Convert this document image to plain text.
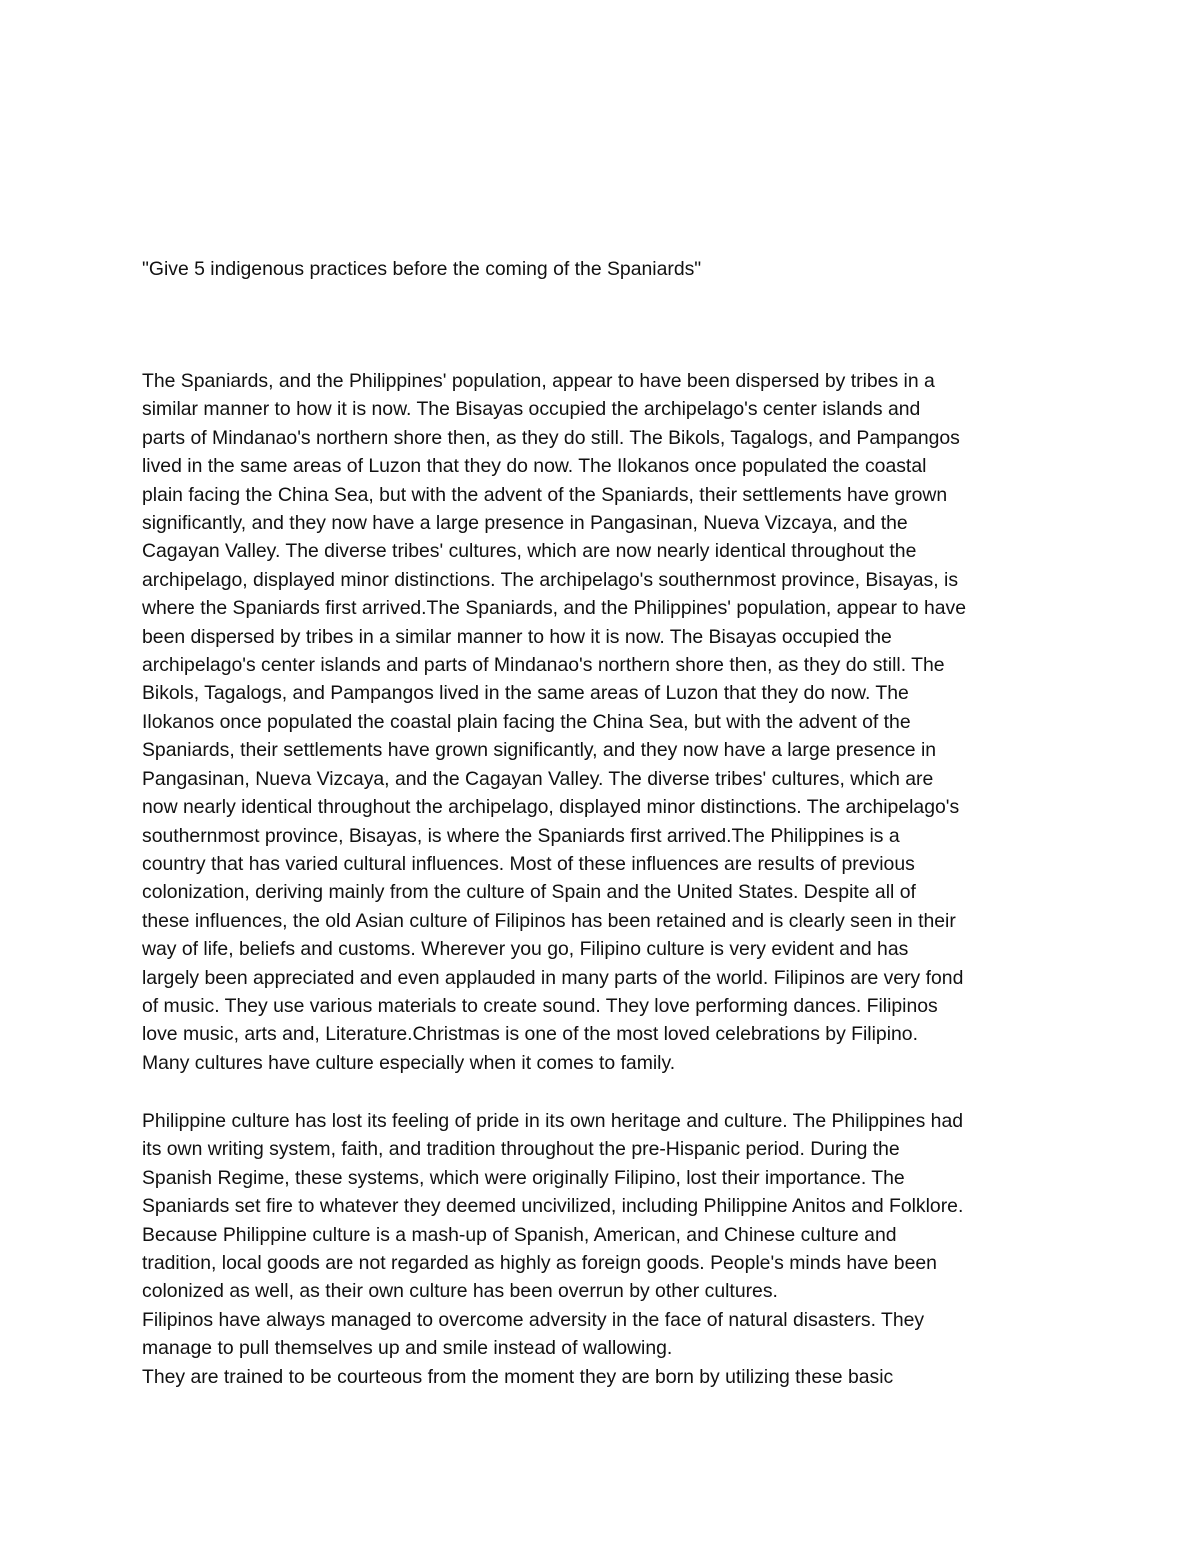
"Give 5 indigenous practices before the coming of the Spaniards"
The Spaniards, and the Philippines' population, appear to have been dispersed by tribes in a
similar manner to how it is now. The Bisayas occupied the archipelago's center islands and
parts of Mindanao's northern shore then, as they do still. The Bikols, Tagalogs, and Pampangos
lived in the same areas of Luzon that they do now. The Ilokanos once populated the coastal
plain facing the China Sea, but with the advent of the Spaniards, their settlements have grown
significantly, and they now have a large presence in Pangasinan, Nueva Vizcaya, and the
Cagayan Valley. The diverse tribes' cultures, which are now nearly identical throughout the
archipelago, displayed minor distinctions. The archipelago's southernmost province, Bisayas, is
where the Spaniards first arrived.The Spaniards, and the Philippines' population, appear to have
been dispersed by tribes in a similar manner to how it is now. The Bisayas occupied the
archipelago's center islands and parts of Mindanao's northern shore then, as they do still. The
Bikols, Tagalogs, and Pampangos lived in the same areas of Luzon that they do now. The
Ilokanos once populated the coastal plain facing the China Sea, but with the advent of the
Spaniards, their settlements have grown significantly, and they now have a large presence in
Pangasinan, Nueva Vizcaya, and the Cagayan Valley. The diverse tribes' cultures, which are
now nearly identical throughout the archipelago, displayed minor distinctions. The archipelago's
southernmost province, Bisayas, is where the Spaniards first arrived.The Philippines is a
country that has varied cultural influences. Most of these influences are results of previous
colonization, deriving mainly from the culture of Spain and the United States. Despite all of
these influences, the old Asian culture of Filipinos has been retained and is clearly seen in their
way of life, beliefs and customs. Wherever you go, Filipino culture is very evident and has
largely been appreciated and even applauded in many parts of the world. Filipinos are very fond
of music. They use various materials to create sound. They love performing dances. Filipinos
love music, arts and, Literature.Christmas is one of the most loved celebrations by Filipino.
Many cultures have culture especially when it comes to family.
Philippine culture has lost its feeling of pride in its own heritage and culture. The Philippines had
its own writing system, faith, and tradition throughout the pre-Hispanic period. During the
Spanish Regime, these systems, which were originally Filipino, lost their importance. The
Spaniards set fire to whatever they deemed uncivilized, including Philippine Anitos and Folklore.
Because Philippine culture is a mash-up of Spanish, American, and Chinese culture and
tradition, local goods are not regarded as highly as foreign goods. People's minds have been
colonized as well, as their own culture has been overrun by other cultures.
Filipinos have always managed to overcome adversity in the face of natural disasters. They
manage to pull themselves up and smile instead of wallowing.
They are trained to be courteous from the moment they are born by utilizing these basic
